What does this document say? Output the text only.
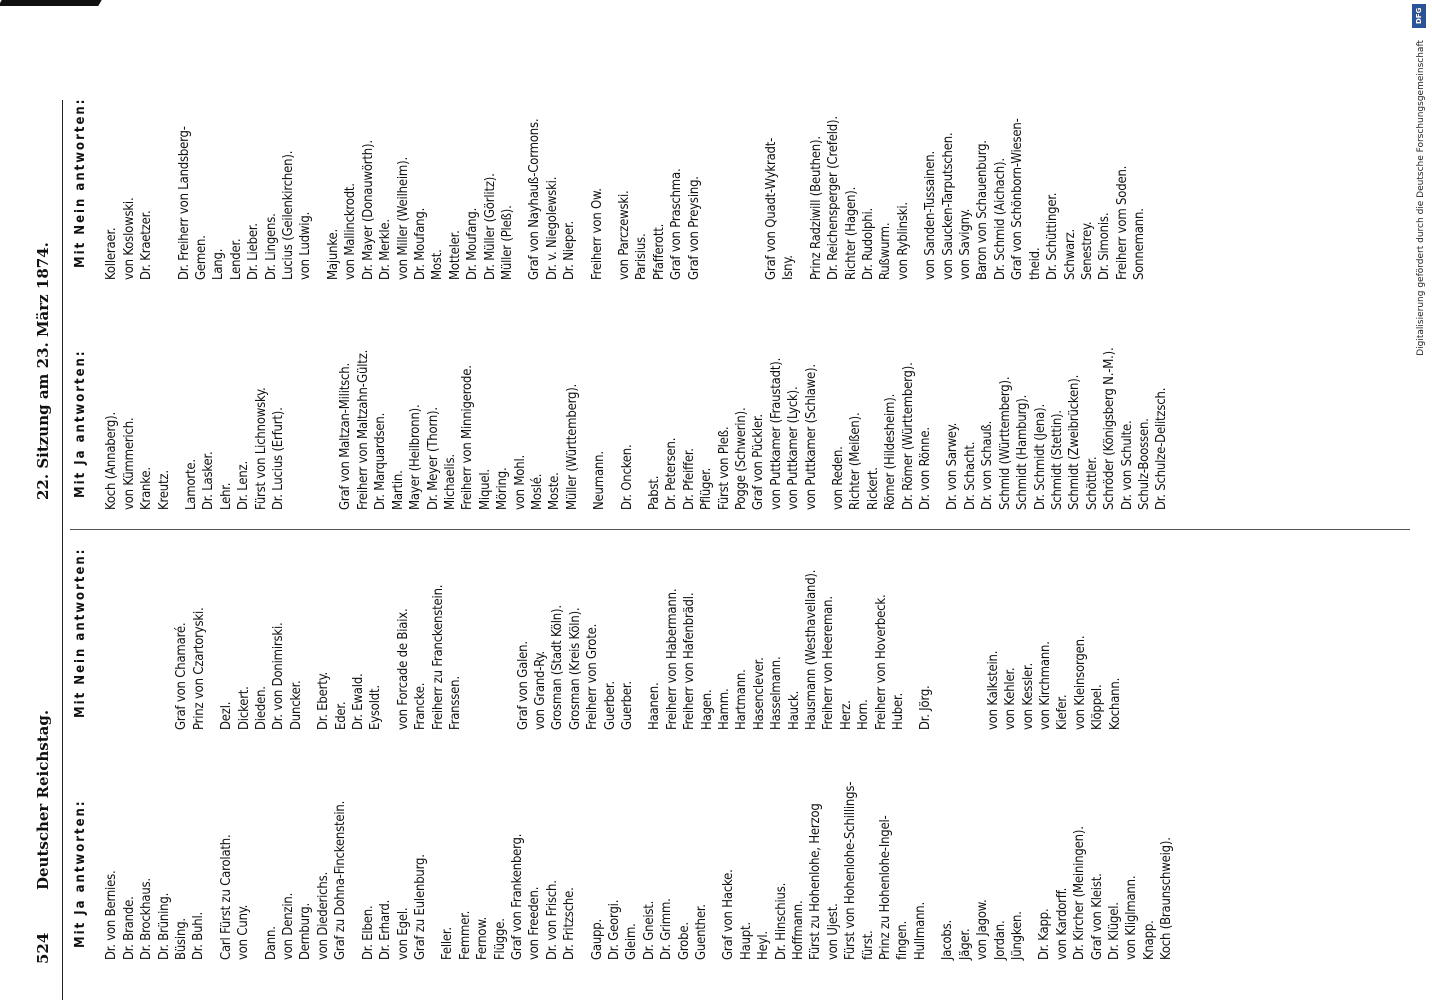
524
Deutscher Reichstag.
22. Sitzung am 23. März 1874.
Mit Ja antworten: Dr. von Bernies. Dr. Brande. Dr. Brockhaus. Dr. Brüning. Büsing. Dr. Buhl. Carl Fürst zu Carolath. von Cuny. Dann. von Denzin. Dernburg. von Diederichs. Graf zu Dohna-Finckenstein. Dr. Elben. Dr. Erhard. von Egel. Graf zu Eulenburg. Feller. Femmer. Fernow. Flügge. Graf von Frankenberg. von Freeden. Dr. von Frisch. Dr. Fritzsche. Gaupp. Dr. Georgi. Gleim. Dr. Gneist. Dr. Grimm. Grobe. Guenther. Graf von Hacke. Haupt. Heyl. Dr. Hinschius. Hoffmann. Fürst zu Hohenlohe, Herzog von Ujest. Fürst von Hohenlohe-Schillings- fürst. Prinz zu Hohenlohe-Ingel- fingen. Hullmann. Jacobs. Jäger. von Jagow. Jordan. Jüngken. Dr. Kapp. von Kardorff. Dr. Kircher (Meiningen). Graf von Kleist. Dr. Klügel. von Kliglmann. Knapp. Koch (Braunschweig).
Mit Nein antworten:	Graf von Chamaré. Prinz von Czartoryski. Dezl. Dickert. Dieden. Dr. von Donimirski. Duncker. Dr. Eberty. Eder. Dr. Ewald. Eysoldt. von Forcade de Biaix. Francke. Freiherr zu Franckenstein. Franssen.	Graf von Galen. von Grand-Ry. Grosman (Stadt Köln). Grosman (Kreis Köln). Freiherr von Grote. Guerber. Guerber. Haanen. Freiherr von Habermann. Freiherr von Hafenbrädl. Hagen. Hamm. Hartmann. Hasenclever. Hasselmann. Hauck. Hausmann (Westhavelland). Freiherr von Heereman. Herz. Horn. Freiherr von Hoverbeck. Huber. Dr. Jörg.	von Kalkstein. von Kehler. von Kessler. von Kirchmann. Kiefer. von Kleinsorgen. Klöppel. Kochann.
Mit Ja antworten: Koch (Annaberg). von Kümmerich. Kranke. Kreutz. Lamorte. Dr. Lasker. Lehr. Dr. Lenz. Fürst von Lichnowsky. Dr. Lucius (Erfurt).	Graf von Maltzan-Militsch. Freiherr von Maltzahn-Gültz. Dr. Marquardsen. Martin. Mayer (Heilbronn). Dr. Meyer (Thorn). Michaelis. Freiherr von Minnigerode. Miquel. Möring. von Mohl. Moslé. Moste. Müller (Württemberg). Neumann. Dr. Oncken. Pabst. Dr. Petersen. Dr. Pfeiffer. Pflüger. Fürst von Pleß. Pogge (Schwerin). Graf von Pückler. von Puttkamer (Fraustadt). von Puttkamer (Lyck). von Puttkamer (Schlawe). von Reden. Richter (Meißen). Rickert. Römer (Hildesheim). Dr. Römer (Württemberg). Dr. von Rönne. Dr. von Sarwey. Dr. Schacht. Dr. von Schauß. Schmid (Württemberg). Schmidt (Hamburg). Dr. Schmidt (Jena). Schmidt (Stettin). Schmidt (Zweibrücken). Schöttler. Schröder (Königsberg N.-M.). Dr. von Schulte. Schulz-Boossen. Dr. Schulze-Delitzsch.
Mit Nein antworten: Kolleraer. von Koslowski. Dr. Kraetzer. Dr. Freiherr von Landsberg- Gemen. Lang. Lender. Dr. Lieber. Dr. Lingens. Lucius (Geilenkirchen). von Ludwig. Majunke. von Mallinckrodt. Dr. Mayer (Donauwörth). Dr. Merkle. von Miller (Weilheim). Dr. Moufang. Most. Motteler. Dr. Moufang. Dr. Müller (Görlitz). Müller (Pleß). Graf von Nayhauß-Cormons. Dr. v. Niegolewski. Dr. Nieper. Freiherr von Ow. von Parczewski. Parisius. Pfafferott. Graf von Praschma. Graf von Preysing.	Graf von Quadt-Wykradt- Isny. Prinz Radziwill (Beuthen). Dr. Reichensperger (Crefeld). Richter (Hagen). Dr. Rudolphi. Rußwurm. von Ryblinski. von Sanden-Tussainen. von Saucken-Tarputschen. von Savigny. Baron von Schauenburg. Dr. Schmid (Aichach). Graf von Schönborn-Wiesen- theid. Dr. Schüttinger. Schwarz. Senestrey. Dr. Simonis. Freiherr vom Soden. Sonnemann.
DFG
Digitalisierung gefördert durch die Deutsche Forschungsgemeinschaft
